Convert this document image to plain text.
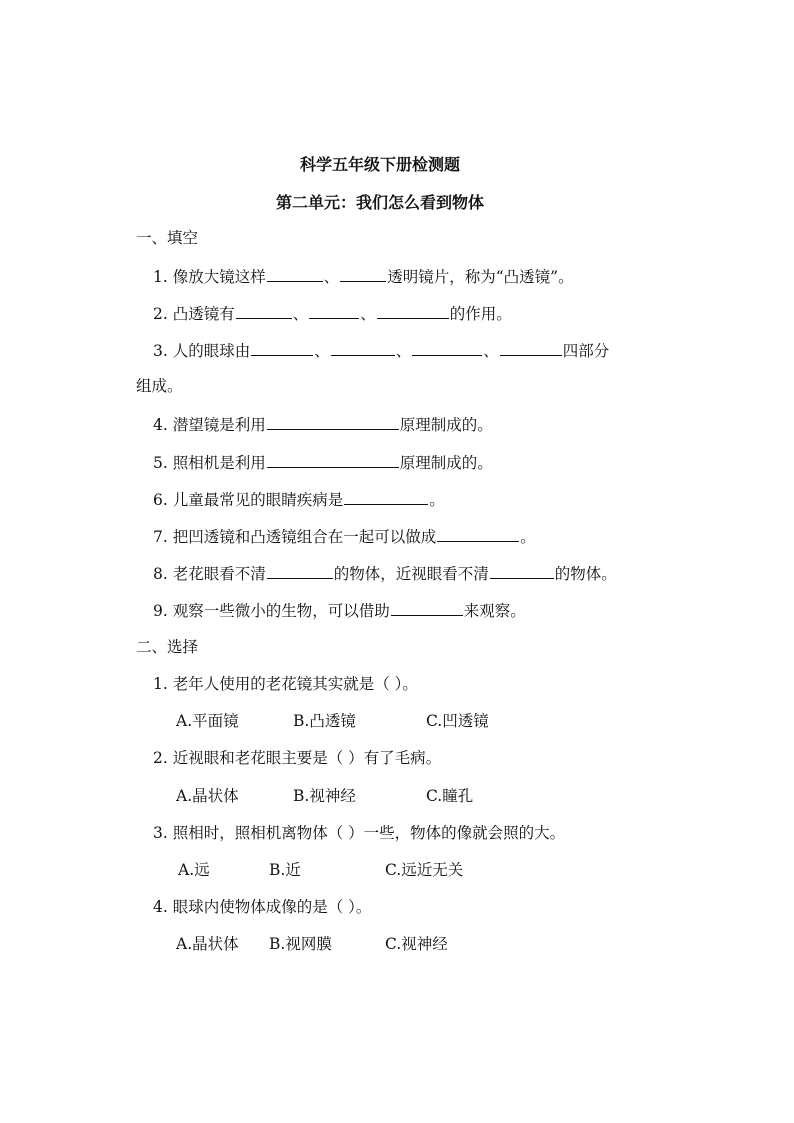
科学五年级下册检测题
第二单元：我们怎么看到物体
一、填空
1. 像放大镜这样	、	透明镜片，称为“凸透镜”。
2. 凸透镜有	、	、	的作用。
3. 人的眼球由	、	、	、	四部分
组成。
4. 潜望镜是利用	原理制成的。
5. 照相机是利用	原理制成的。
6. 儿童最常见的眼睛疾病是	。
7. 把凹透镜和凸透镜组合在一起可以做成	。
8. 老花眼看不清	的物体，近视眼看不清	的物体。
9. 观察一些微小的生物，可以借助	来观察。
二、选择
1. 老年人使用的老花镜其实就是（ ）。
A.平面镜	B.凸透镜	C.凹透镜
2. 近视眼和老花眼主要是（ ）有了毛病。
A.晶状体	B.视神经	C.瞳孔
3. 照相时，照相机离物体（ ）一些，物体的像就会照的大。
A.远	B.近	C.远近无关
4. 眼球内使物体成像的是（ ）。
A.晶状体 B.视网膜	C.视神经
